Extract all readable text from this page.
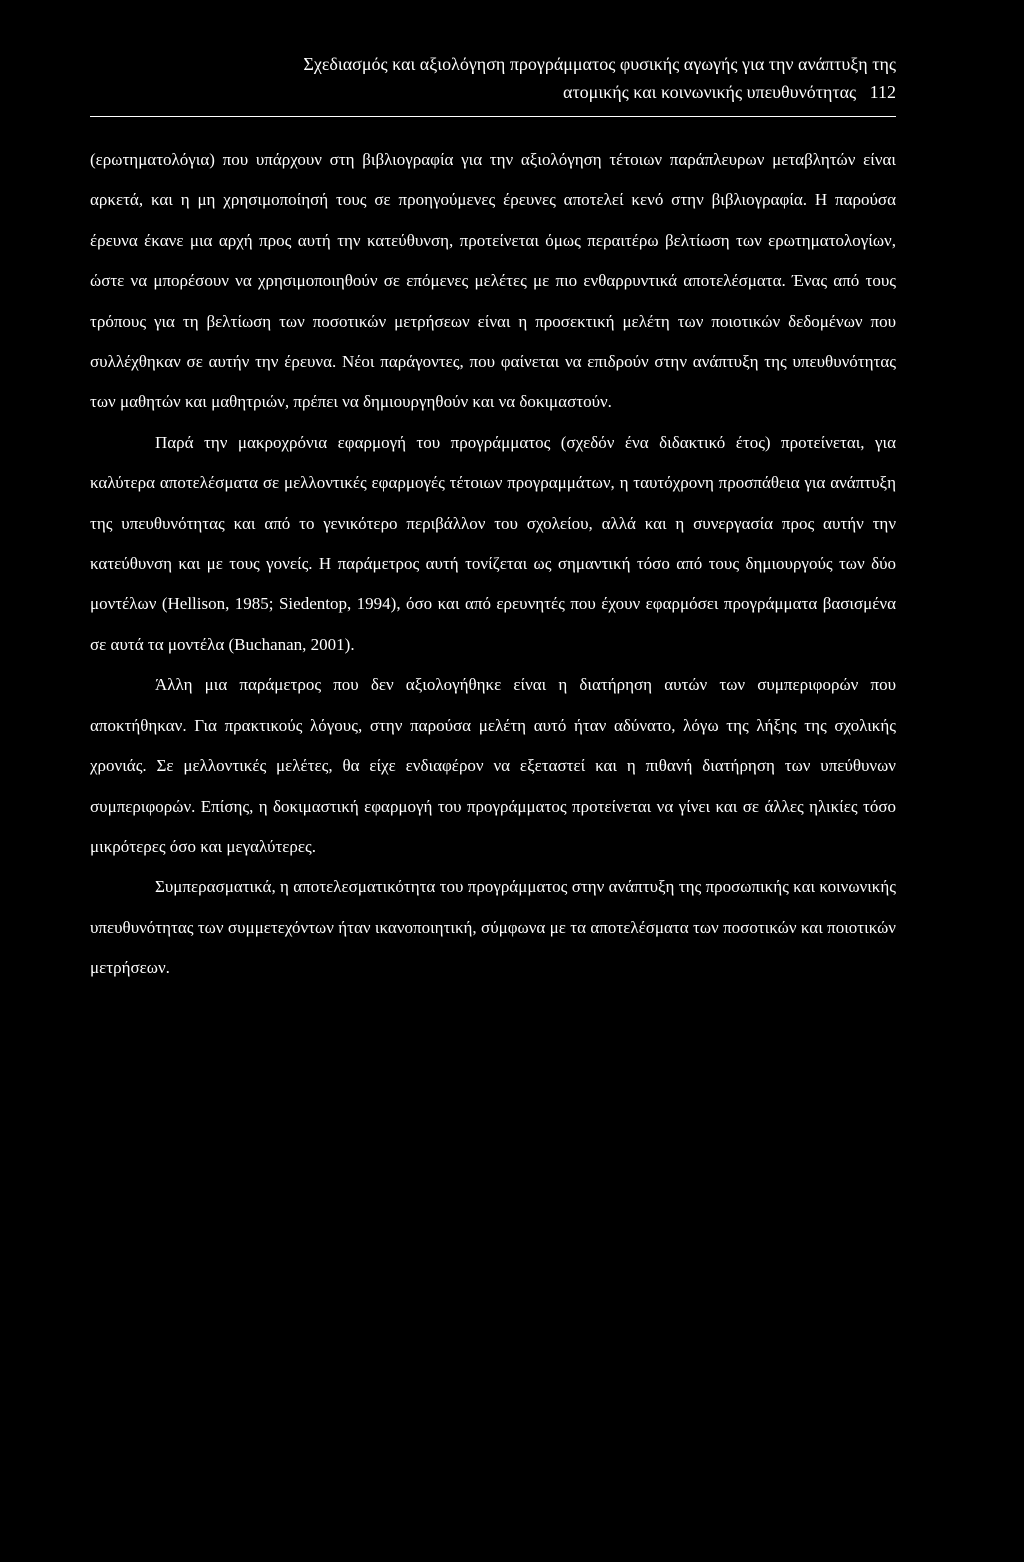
Σχεδιασμός και αξιολόγηση προγράμματος φυσικής αγωγής για την ανάπτυξη της
ατομικής και κοινωνικής υπευθυνότητας 112

(ερωτηματολόγια) που υπάρχουν στη βιβλιογραφία για την αξιολόγηση τέτοιων παράπλευρων μεταβλητών είναι αρκετά, και η μη χρησιμοποίησή τους σε προηγούμενες έρευνες αποτελεί κενό στην βιβλιογραφία. Η παρούσα έρευνα έκανε μια αρχή προς αυτή την κατεύθυνση, προτείνεται όμως περαιτέρω βελτίωση των ερωτηματολογίων, ώστε να μπορέσουν να χρησιμοποιηθούν σε επόμενες μελέτες με πιο ενθαρρυντικά αποτελέσματα. Ένας από τους τρόπους για τη βελτίωση των ποσοτικών μετρήσεων είναι η προσεκτική μελέτη των ποιοτικών δεδομένων που συλλέχθηκαν σε αυτήν την έρευνα. Νέοι παράγοντες, που φαίνεται να επιδρούν στην ανάπτυξη της υπευθυνότητας των μαθητών και μαθητριών, πρέπει να δημιουργηθούν και να δοκιμαστούν.

Παρά την μακροχρόνια εφαρμογή του προγράμματος (σχεδόν ένα διδακτικό έτος) προτείνεται, για καλύτερα αποτελέσματα σε μελλοντικές εφαρμογές τέτοιων προγραμμάτων, η ταυτόχρονη προσπάθεια για ανάπτυξη της υπευθυνότητας και από το γενικότερο περιβάλλον του σχολείου, αλλά και η συνεργασία προς αυτήν την κατεύθυνση και με τους γονείς. Η παράμετρος αυτή τονίζεται ως σημαντική τόσο από τους δημιουργούς των δύο μοντέλων (Hellison, 1985; Siedentop, 1994), όσο και από ερευνητές που έχουν εφαρμόσει προγράμματα βασισμένα σε αυτά τα μοντέλα (Buchanan, 2001).

Άλλη μια παράμετρος που δεν αξιολογήθηκε είναι η διατήρηση αυτών των συμπεριφορών που αποκτήθηκαν. Για πρακτικούς λόγους, στην παρούσα μελέτη αυτό ήταν αδύνατο, λόγω της λήξης της σχολικής χρονιάς. Σε μελλοντικές μελέτες, θα είχε ενδιαφέρον να εξεταστεί και η πιθανή διατήρηση των υπεύθυνων συμπεριφορών. Επίσης, η δοκιμαστική εφαρμογή του προγράμματος προτείνεται να γίνει και σε άλλες ηλικίες τόσο μικρότερες όσο και μεγαλύτερες.

Συμπερασματικά, η αποτελεσματικότητα του προγράμματος στην ανάπτυξη της προσωπικής και κοινωνικής υπευθυνότητας των συμμετεχόντων ήταν ικανοποιητική, σύμφωνα με τα αποτελέσματα των ποσοτικών και ποιοτικών μετρήσεων.
